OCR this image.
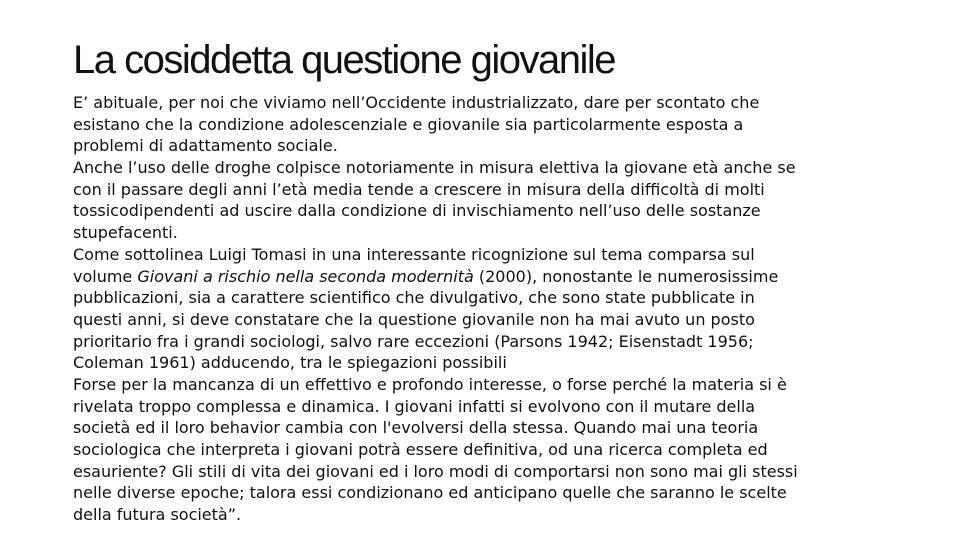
La cosiddetta questione giovanile
E’ abituale, per noi che viviamo nell’Occidente industrializzato, dare per scontato che
esistano che la condizione adolescenziale e giovanile sia particolarmente esposta a
problemi di adattamento sociale.
Anche l’uso delle droghe colpisce notoriamente in misura elettiva la giovane età anche se
con il passare degli anni l’età media tende a crescere in misura della difficoltà di molti
tossicodipendenti ad uscire dalla condizione di invischiamento nell’uso delle sostanze
stupefacenti.
Come sottolinea Luigi Tomasi in una interessante ricognizione sul tema comparsa sul
volume Giovani a rischio nella seconda modernità (2000), nonostante le numerosissime
pubblicazioni, sia a carattere scientifico che divulgativo, che sono state pubblicate in
questi anni, si deve constatare che la questione giovanile non ha mai avuto un posto
prioritario fra i grandi sociologi, salvo rare eccezioni (Parsons 1942; Eisenstadt 1956;
Coleman 1961) adducendo, tra le spiegazioni possibili
Forse per la mancanza di un effettivo e profondo interesse, o forse perché la materia si è
rivelata troppo complessa e dinamica. I giovani infatti si evolvono con il mutare della
società ed il loro behavior cambia con l'evolversi della stessa. Quando mai una teoria
sociologica che interpreta i giovani potrà essere definitiva, od una ricerca completa ed
esauriente? Gli stili di vita dei giovani ed i loro modi di comportarsi non sono mai gli stessi
nelle diverse epoche; talora essi condizionano ed anticipano quelle che saranno le scelte
della futura società”.
